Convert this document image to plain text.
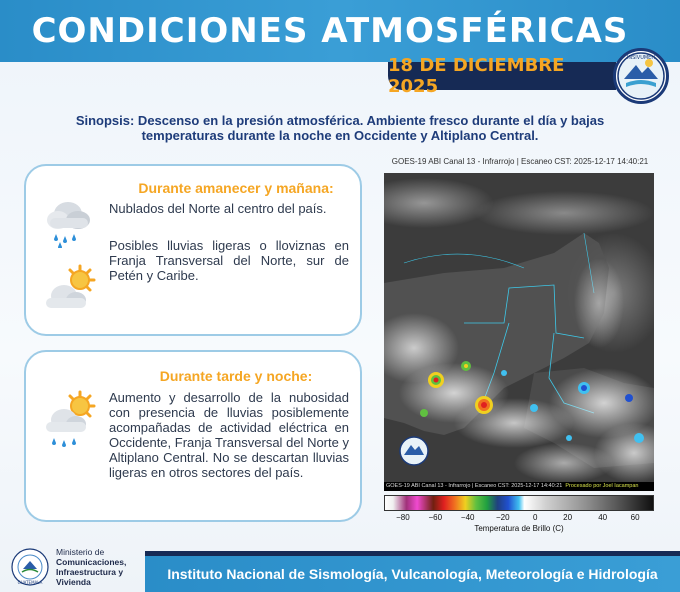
CONDICIONES ATMOSFÉRICAS
18 DE DICIEMBRE 2025
INSIVUMEH
Sinopsis: Descenso en la presión atmosférica. Ambiente fresco durante el día y bajas temperaturas durante la noche en Occidente y Altiplano Central.
Durante amanecer y mañana:
Nublados del Norte al centro del país.
Posibles lluvias ligeras o lloviznas en Franja Transversal del Norte, sur de Petén y Caribe.
Durante tarde y noche:
Aumento y desarrollo de la nubosidad con presencia de lluvias posiblemente acompañadas de actividad eléctrica en Occidente, Franja Transversal del Norte y Altiplano Central. No se descartan lluvias ligeras en otros sectores del país.
GOES-19 ABI Canal 13 - Infrarrojo | Escaneo CST: 2025-12-17 14:40:21
GOES-19 ABI Canal 13 - Infrarrojo | Escaneo CST: 2025-12-17 14:40:21 Procesado por Joel Iacampan
−80 −60 −40	−20	0	20	40	60
Temperatura de Brillo (C)
GUATEMALA
Ministerio de
Comunicaciones,
Infraestructura y
Vivienda	Instituto Nacional de Sismología, Vulcanología, Meteorología e Hidrología
